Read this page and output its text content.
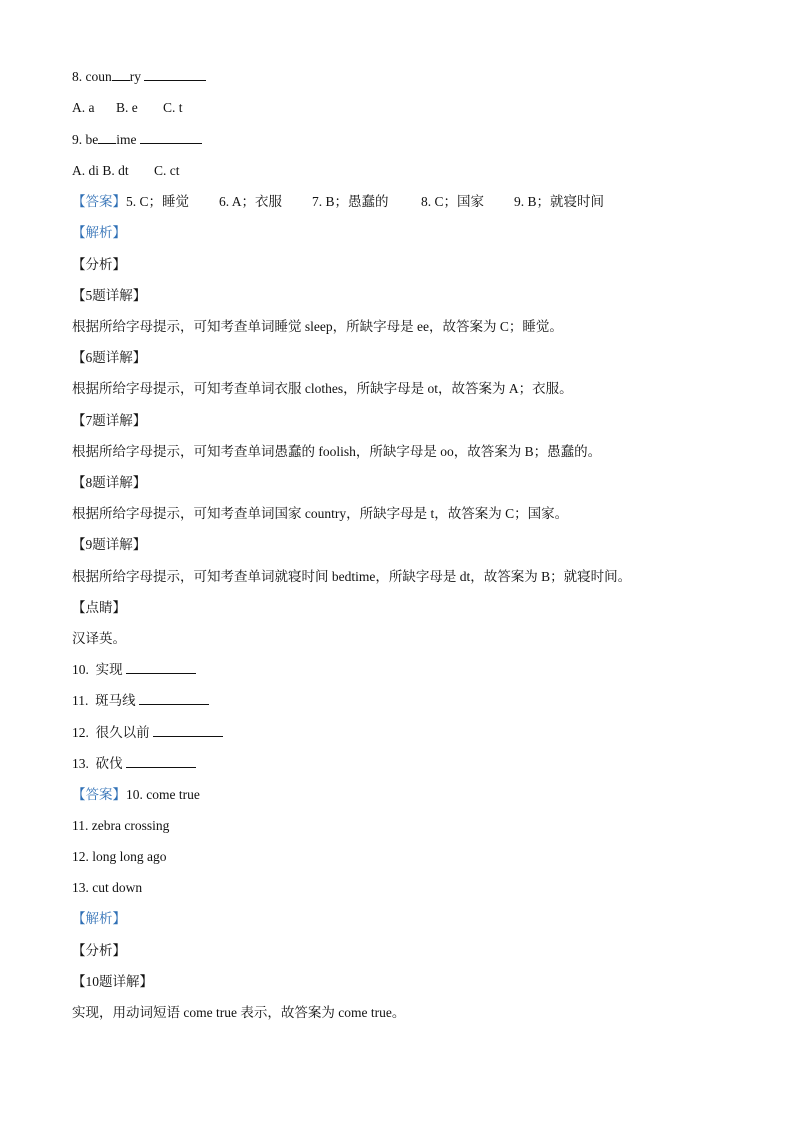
8. coun ry
A. a B. e C. t
9. be ime
A. di B. dt C. ct
【答案】5. C；睡觉 6. A；衣服 7. B；愚蠢的 8. C；国家 9. B；就寝时间
【解析】
【分析】
【5题详解】
根据所给字母提示，可知考查单词睡觉 sleep，所缺字母是 ee，故答案为 C；睡觉。
【6题详解】
根据所给字母提示，可知考查单词衣服 clothes，所缺字母是 ot，故答案为 A；衣服。
【7题详解】
根据所给字母提示，可知考查单词愚蠢的 foolish，所缺字母是 oo，故答案为 B；愚蠢的。
【8题详解】
根据所给字母提示，可知考查单词国家 country，所缺字母是 t，故答案为 C；国家。
【9题详解】
根据所给字母提示，可知考查单词就寝时间 bedtime，所缺字母是 dt，故答案为 B；就寝时间。
【点睛】
汉译英。
10.  实现
11.  斑马线
12.  很久以前
13.  砍伐
【答案】10. come true
11. zebra crossing
12. long long ago
13. cut down
【解析】
【分析】
【10题详解】
实现，用动词短语 come true 表示，故答案为 come true。
